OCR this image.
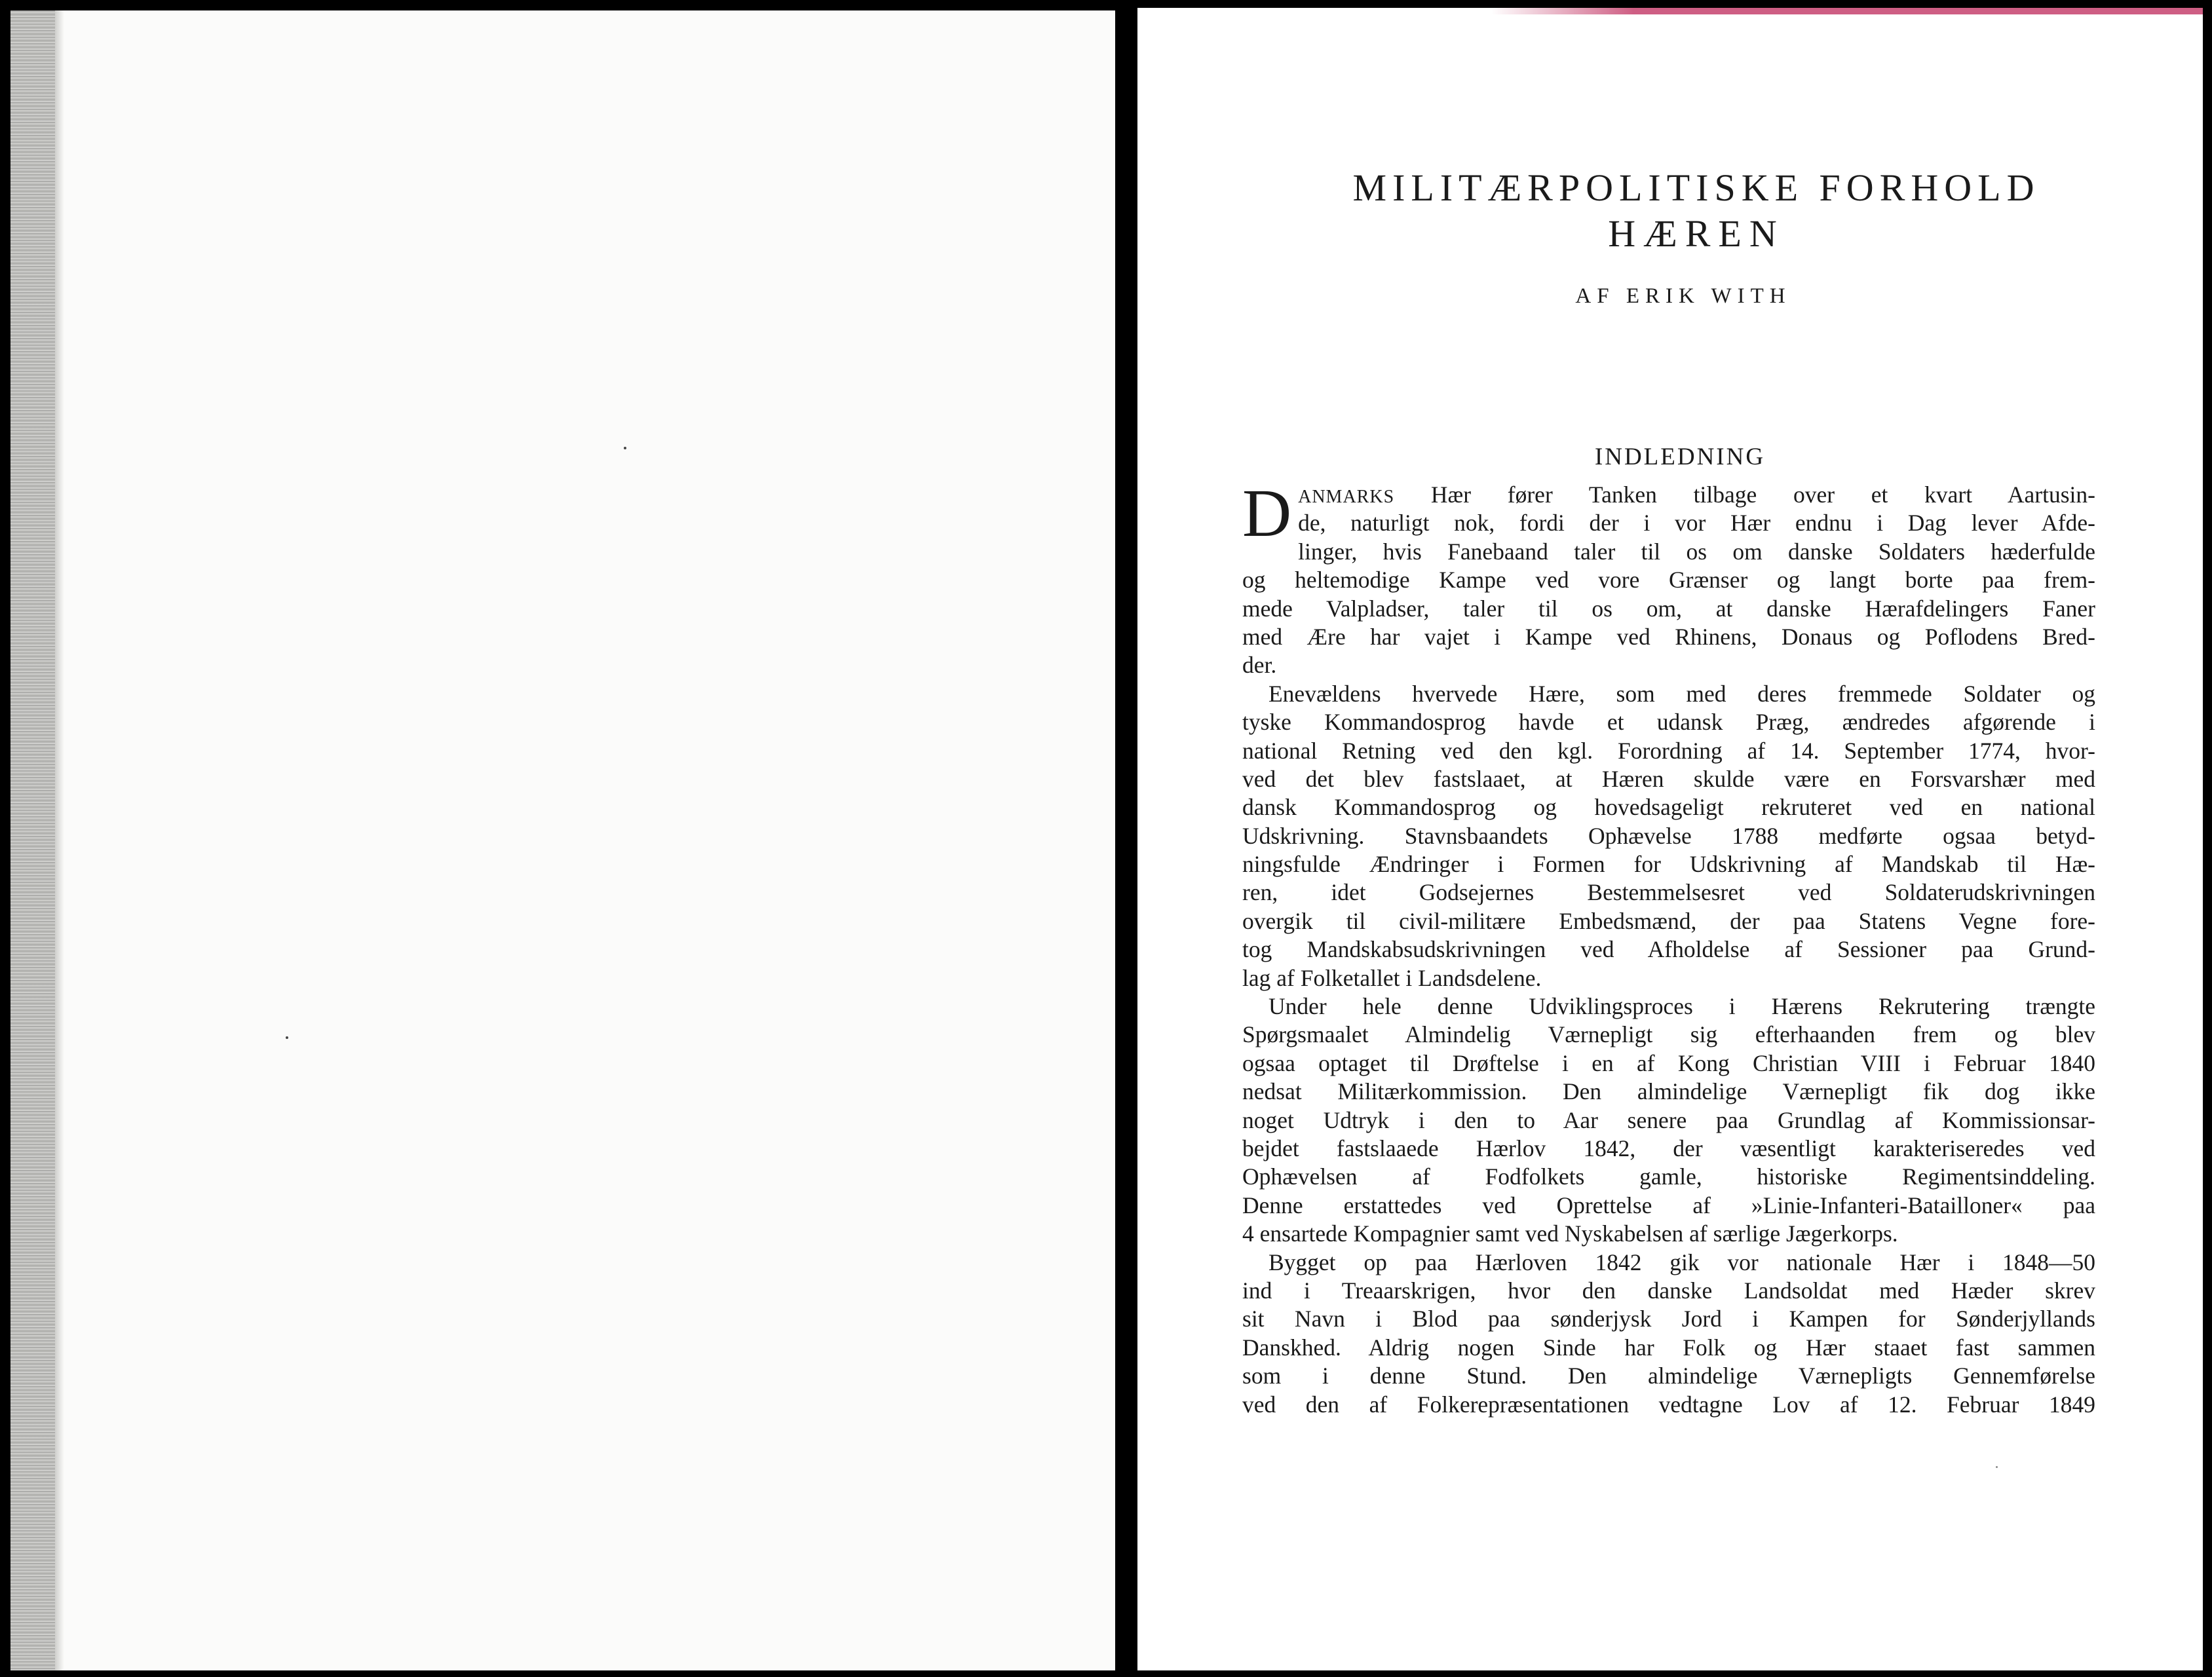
MILITÆRPOLITISKE FORHOLD
HÆREN
AF ERIK WITH
INDLEDNING
D ANMARKS Hær fører Tanken tilbage over et kvart Aartusin-
de, naturligt nok, fordi der i vor Hær endnu i Dag lever Afde-
linger, hvis Fanebaand taler til os om danske Soldaters hæderfulde
og heltemodige Kampe ved vore Grænser og langt borte paa frem-
mede Valpladser, taler til os om, at danske Hærafdelingers Faner
med Ære har vajet i Kampe ved Rhinens, Donaus og Poflodens Bred-
der.
Enevældens hvervede Hære, som med deres fremmede Soldater og
tyske Kommandosprog havde et udansk Præg, ændredes afgørende i
national Retning ved den kgl. Forordning af 14. September 1774, hvor-
ved det blev fastslaaet, at Hæren skulde være en Forsvarshær med
dansk Kommandosprog og hovedsageligt rekruteret ved en national
Udskrivning. Stavnsbaandets Ophævelse 1788 medførte ogsaa betyd-
ningsfulde Ændringer i Formen for Udskrivning af Mandskab til Hæ-
ren, idet Godsejernes Bestemmelsesret ved Soldaterudskrivningen
overgik til civil-militære Embedsmænd, der paa Statens Vegne fore-
tog Mandskabsudskrivningen ved Afholdelse af Sessioner paa Grund-
lag af Folketallet i Landsdelene.
Under hele denne Udviklingsproces i Hærens Rekrutering trængte
Spørgsmaalet Almindelig Værnepligt sig efterhaanden frem og blev
ogsaa optaget til Drøftelse i en af Kong Christian VIII i Februar 1840
nedsat Militærkommission. Den almindelige Værnepligt fik dog ikke
noget Udtryk i den to Aar senere paa Grundlag af Kommissionsar-
bejdet fastslaaede Hærlov 1842, der væsentligt karakteriseredes ved
Ophævelsen af Fodfolkets gamle, historiske Regimentsinddeling.
Denne erstattedes ved Oprettelse af »Linie-Infanteri-Bataillоner« paa
4 ensartede Kompagnier samt ved Nyskabelsen af særlige Jægerkorps.
Bygget op paa Hærloven 1842 gik vor nationale Hær i 1848—50
ind i Treaarskrigen, hvor den danske Landsoldat med Hæder skrev
sit Navn i Blod paa sønderjysk Jord i Kampen for Sønderjyllands
Danskhed. Aldrig nogen Sinde har Folk og Hær staaet fast sammen
som i denne Stund. Den almindelige Værnepligts Gennemførelse
ved den af Folkerepræsentationen vedtagne Lov af 12. Februar 1849
